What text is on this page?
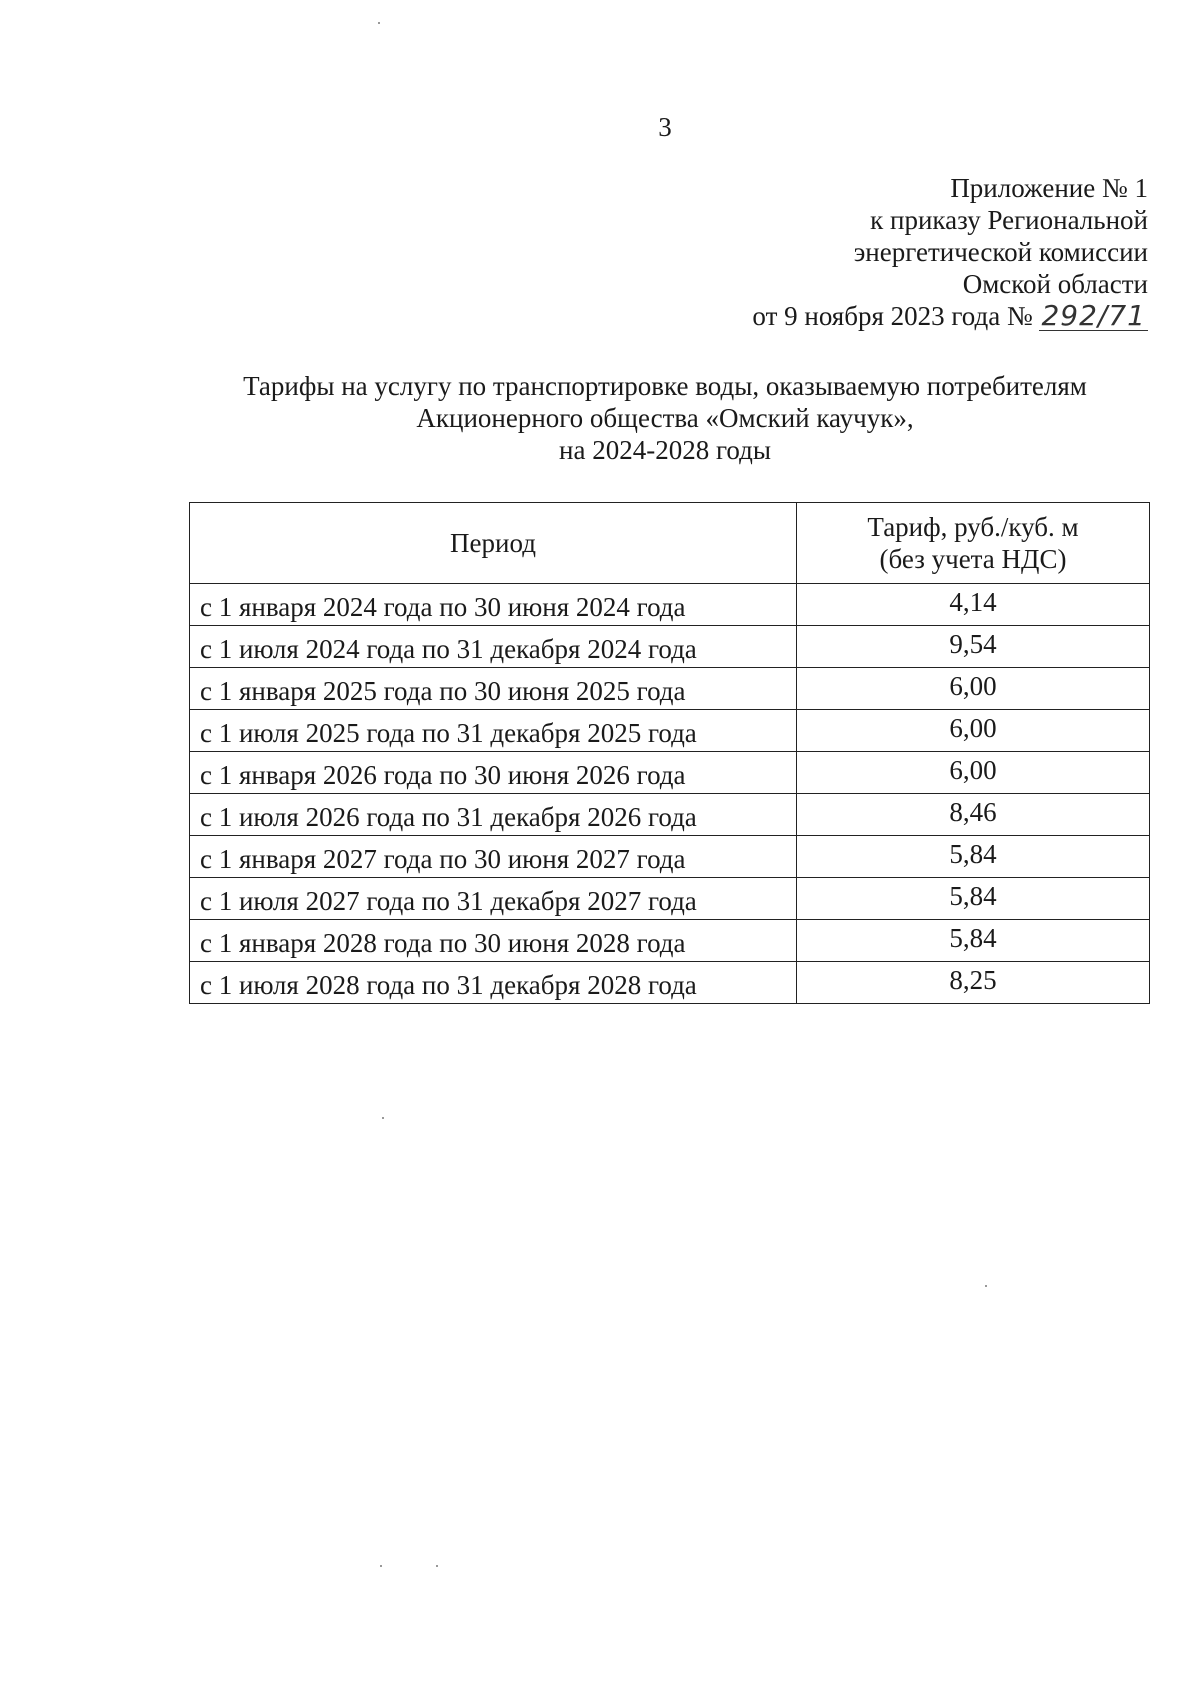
3
Приложение № 1
к приказу Региональной
энергетической комиссии
Омской области
от 9 ноября 2023 года № 292/71
Тарифы на услугу по транспортировке воды, оказываемую потребителям
Акционерного общества «Омский каучук»,
на 2024-2028 годы
Период	Тариф, руб./куб. м
(без учета НДС)
с 1 января 2024 года по 30 июня 2024 года	4,14
с 1 июля 2024 года по 31 декабря 2024 года	9,54
с 1 января 2025 года по 30 июня 2025 года	6,00
с 1 июля 2025 года по 31 декабря 2025 года	6,00
с 1 января 2026 года по 30 июня 2026 года	6,00
с 1 июля 2026 года по 31 декабря 2026 года	8,46
с 1 января 2027 года по 30 июня 2027 года	5,84
с 1 июля 2027 года по 31 декабря 2027 года	5,84
с 1 января 2028 года по 30 июня 2028 года	5,84
с 1 июля 2028 года по 31 декабря 2028 года	8,25
